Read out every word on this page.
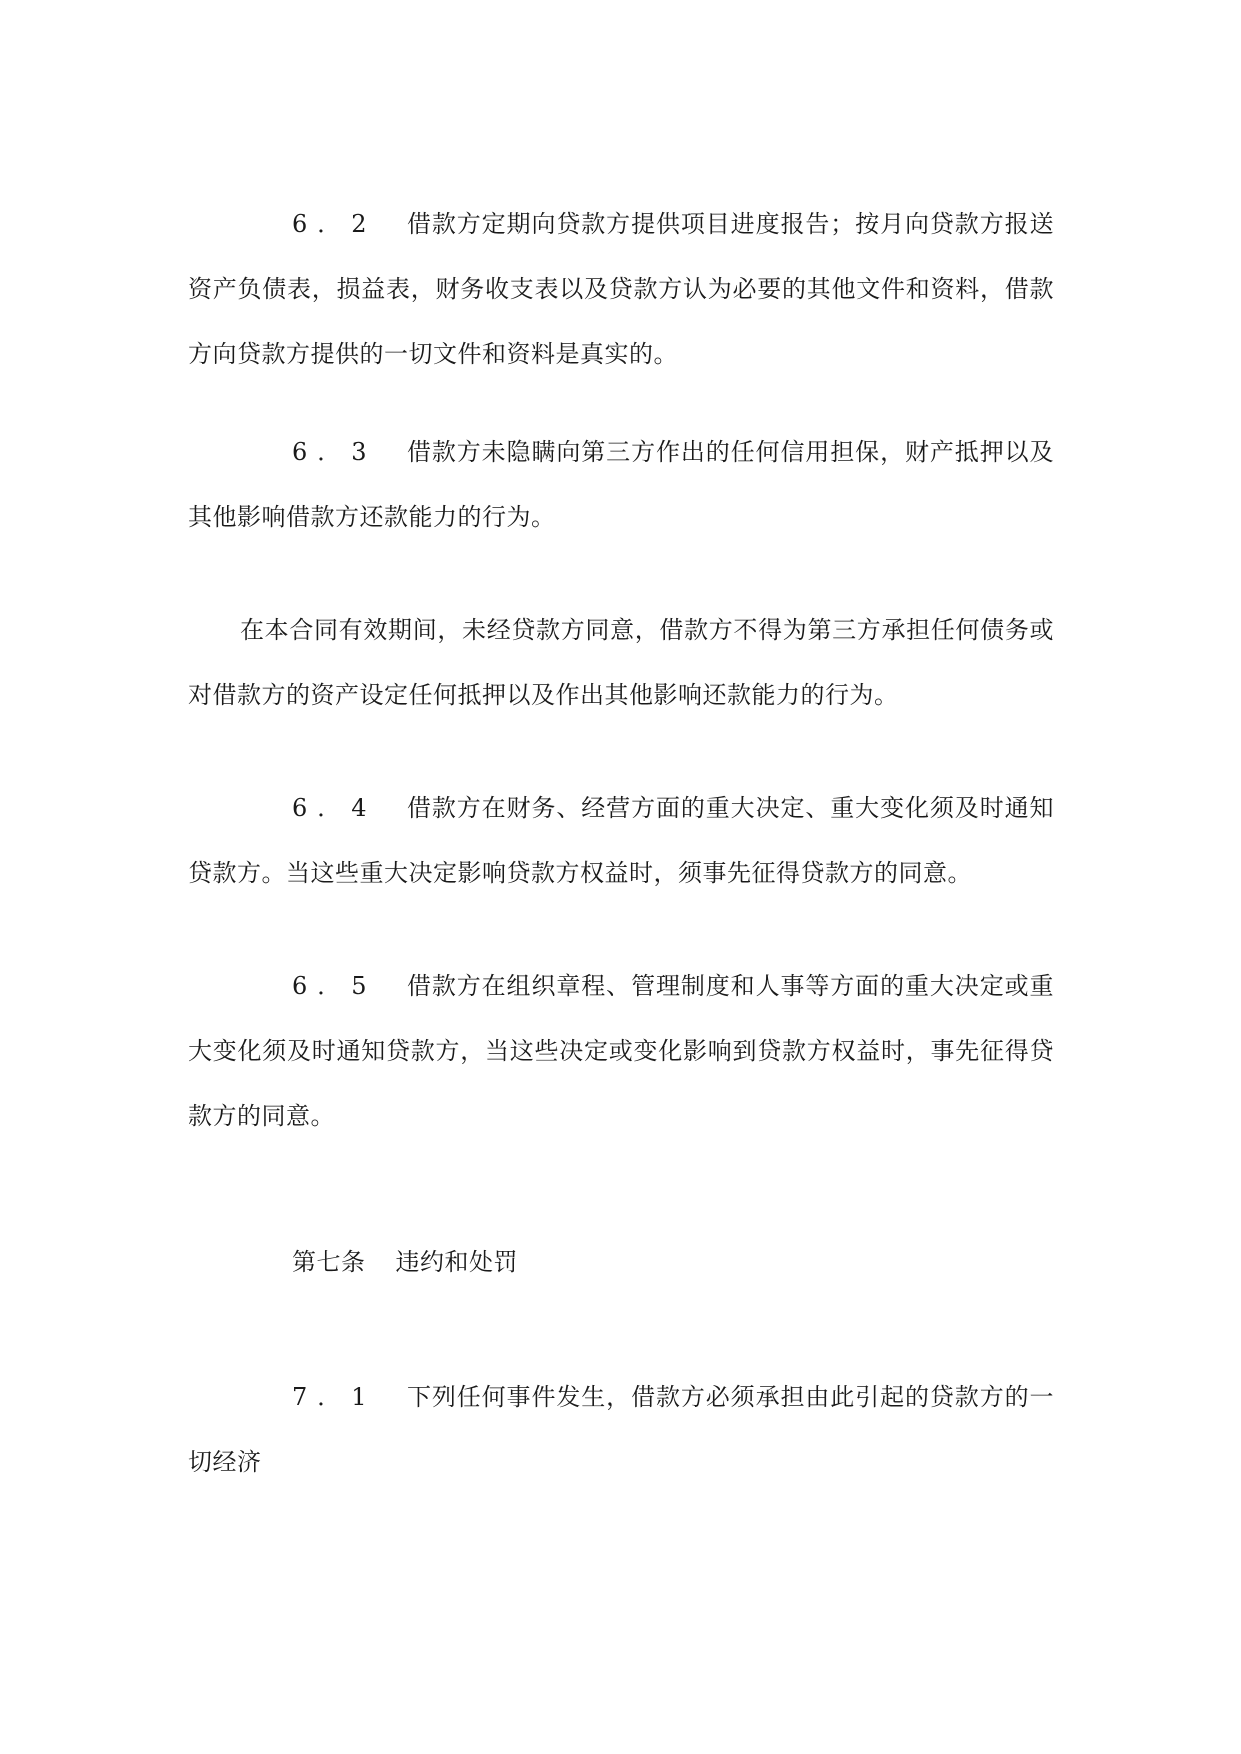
6．2 借款方定期向贷款方提供项目进度报告；按月向贷款方报送资产负债表，损益表，财务收支表以及贷款方认为必要的其他文件和资料，借款方向贷款方提供的一切文件和资料是真实的。

6．3 借款方未隐瞒向第三方作出的任何信用担保，财产抵押以及其他影响借款方还款能力的行为。

在本合同有效期间，未经贷款方同意，借款方不得为第三方承担任何债务或对借款方的资产设定任何抵押以及作出其他影响还款能力的行为。

6．4 借款方在财务、经营方面的重大决定、重大变化须及时通知贷款方。当这些重大决定影响贷款方权益时，须事先征得贷款方的同意。

6．5 借款方在组织章程、管理制度和人事等方面的重大决定或重大变化须及时通知贷款方，当这些决定或变化影响到贷款方权益时，事先征得贷款方的同意。

第七条 违约和处罚

7．1 下列任何事件发生，借款方必须承担由此引起的贷款方的一切经济
